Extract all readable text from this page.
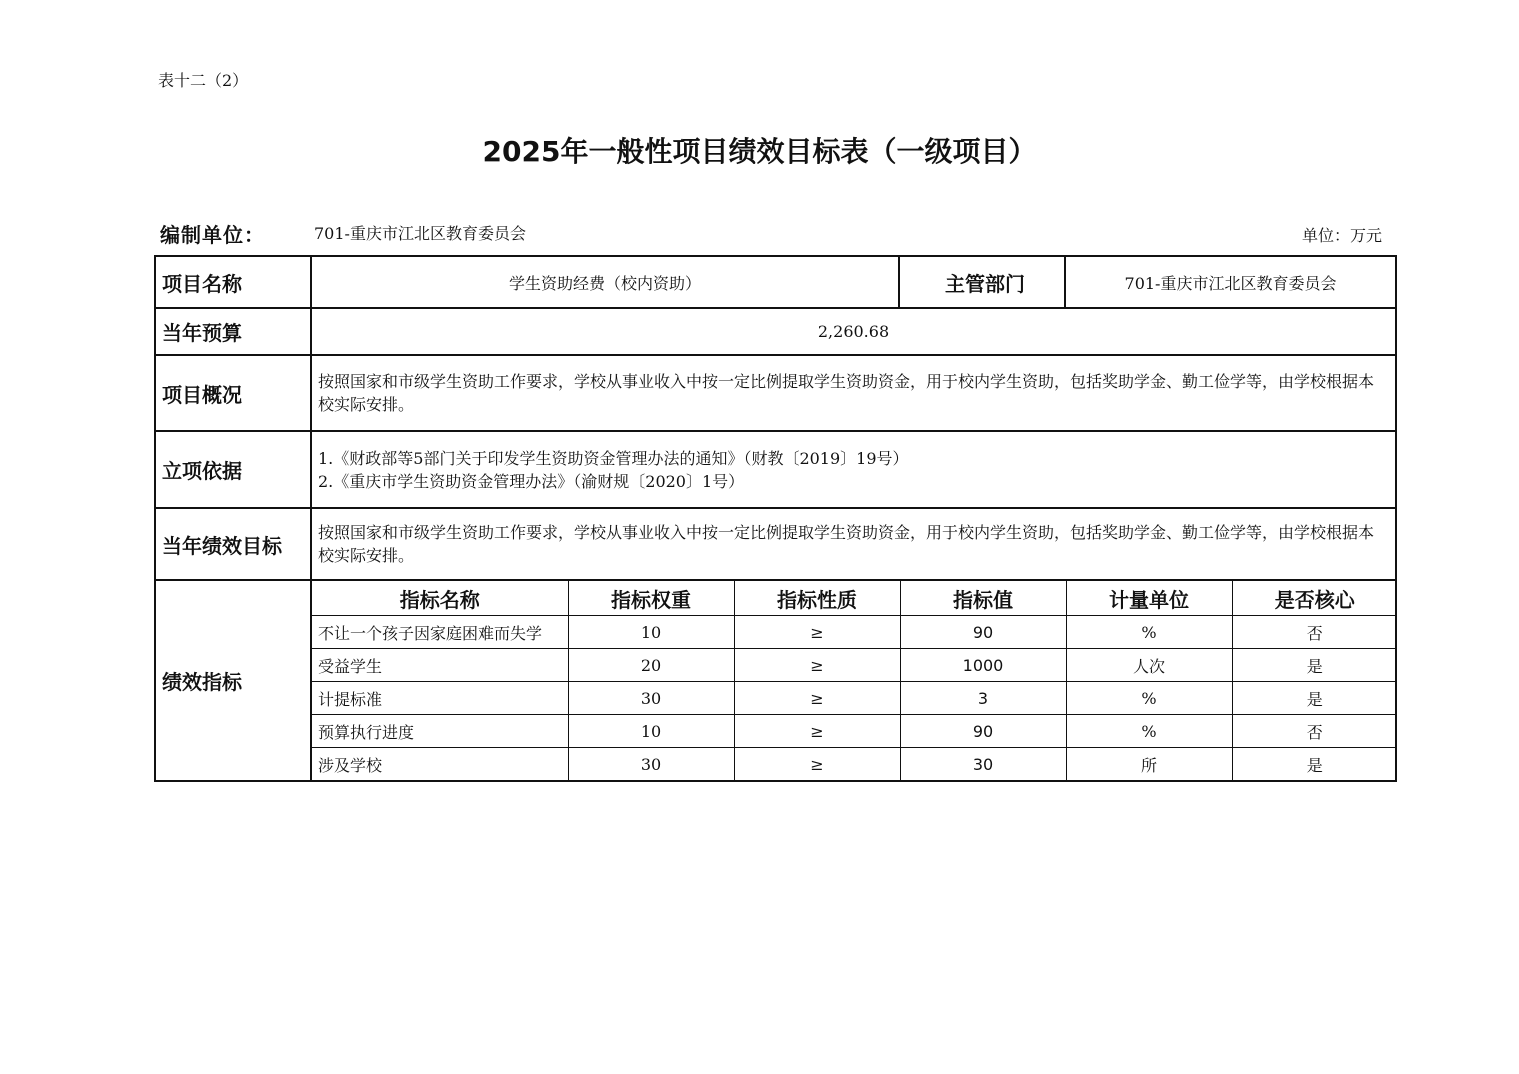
表十二（2）
2025年一般性项目绩效目标表（一级项目）
编制单位：	701-重庆市江北区教育委员会	单位：万元
项目名称	学生资助经费（校内资助）	主管部门	701-重庆市江北区教育委员会
当年预算	2,260.68
项目概况	按照国家和市级学生资助工作要求，学校从事业收入中按一定比例提取学生资助资金，用于校内学生资助，包括奖助学金、勤工俭学等，由学校根据本校实际安排。
立项依据	
1.《财政部等5部门关于印发学生资助资金管理办法的通知》（财教〔2019〕19号）
2.《重庆市学生资助资金管理办法》（渝财规〔2020〕1号）

当年绩效目标	按照国家和市级学生资助工作要求，学校从事业收入中按一定比例提取学生资助资金，用于校内学生资助，包括奖助学金、勤工俭学等，由学校根据本校实际安排。
绩效指标	
指标名称	指标权重	指标性质	指标值	计量单位	是否核心
不让一个孩子因家庭困难而失学	10	≥	90	%	否
受益学生	20	≥	1000	人次	是
计提标准	30	≥	3	%	是
预算执行进度	10	≥	90	%	否
涉及学校	30	≥	30	所	是
